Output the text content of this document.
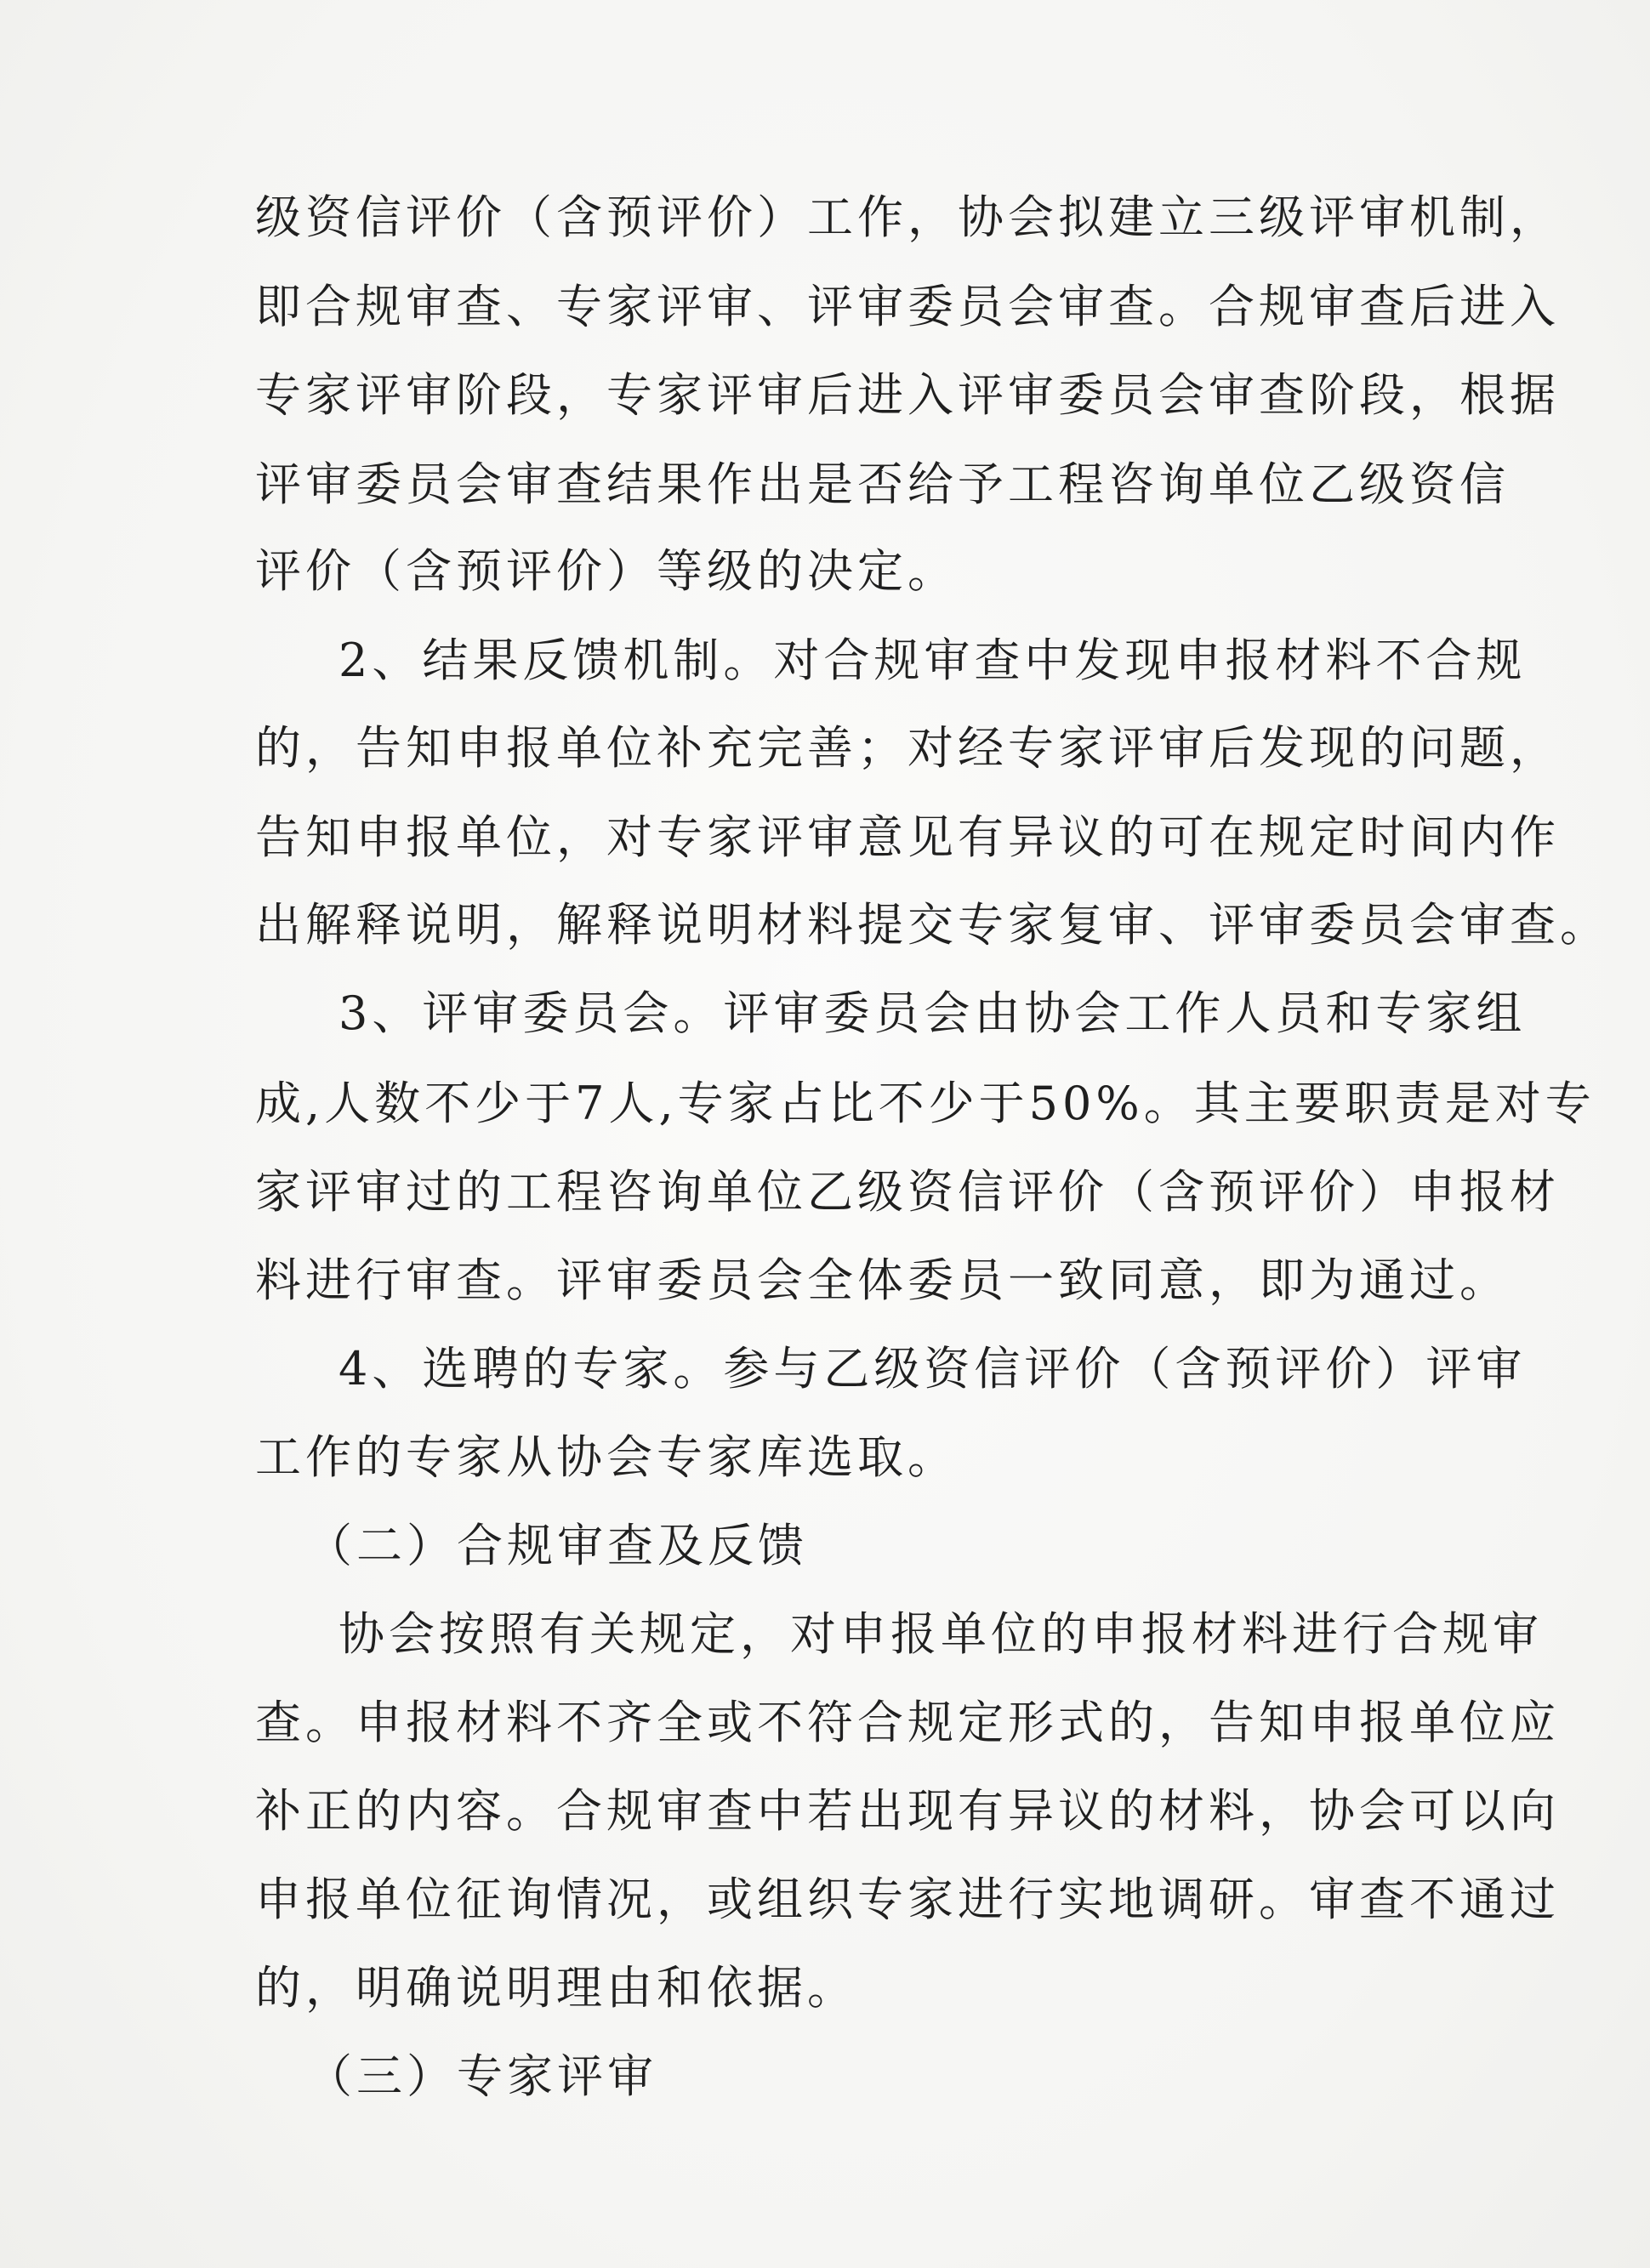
级资信评价（含预评价）工作，协会拟建立三级评审机制，
即合规审查、专家评审、评审委员会审查。合规审查后进入
专家评审阶段，专家评审后进入评审委员会审查阶段，根据
评审委员会审查结果作出是否给予工程咨询单位乙级资信
评价（含预评价）等级的决定。
2、结果反馈机制。对合规审查中发现申报材料不合规
的，告知申报单位补充完善；对经专家评审后发现的问题，
告知申报单位，对专家评审意见有异议的可在规定时间内作
出解释说明，解释说明材料提交专家复审、评审委员会审查。
3、评审委员会。评审委员会由协会工作人员和专家组
成,人数不少于7人,专家占比不少于50%。其主要职责是对专
家评审过的工程咨询单位乙级资信评价（含预评价）申报材
料进行审查。评审委员会全体委员一致同意，即为通过。
4、选聘的专家。参与乙级资信评价（含预评价）评审
工作的专家从协会专家库选取。
（二）合规审查及反馈
协会按照有关规定，对申报单位的申报材料进行合规审
查。申报材料不齐全或不符合规定形式的，告知申报单位应
补正的内容。合规审查中若出现有异议的材料，协会可以向
申报单位征询情况，或组织专家进行实地调研。审查不通过
的，明确说明理由和依据。
（三）专家评审
